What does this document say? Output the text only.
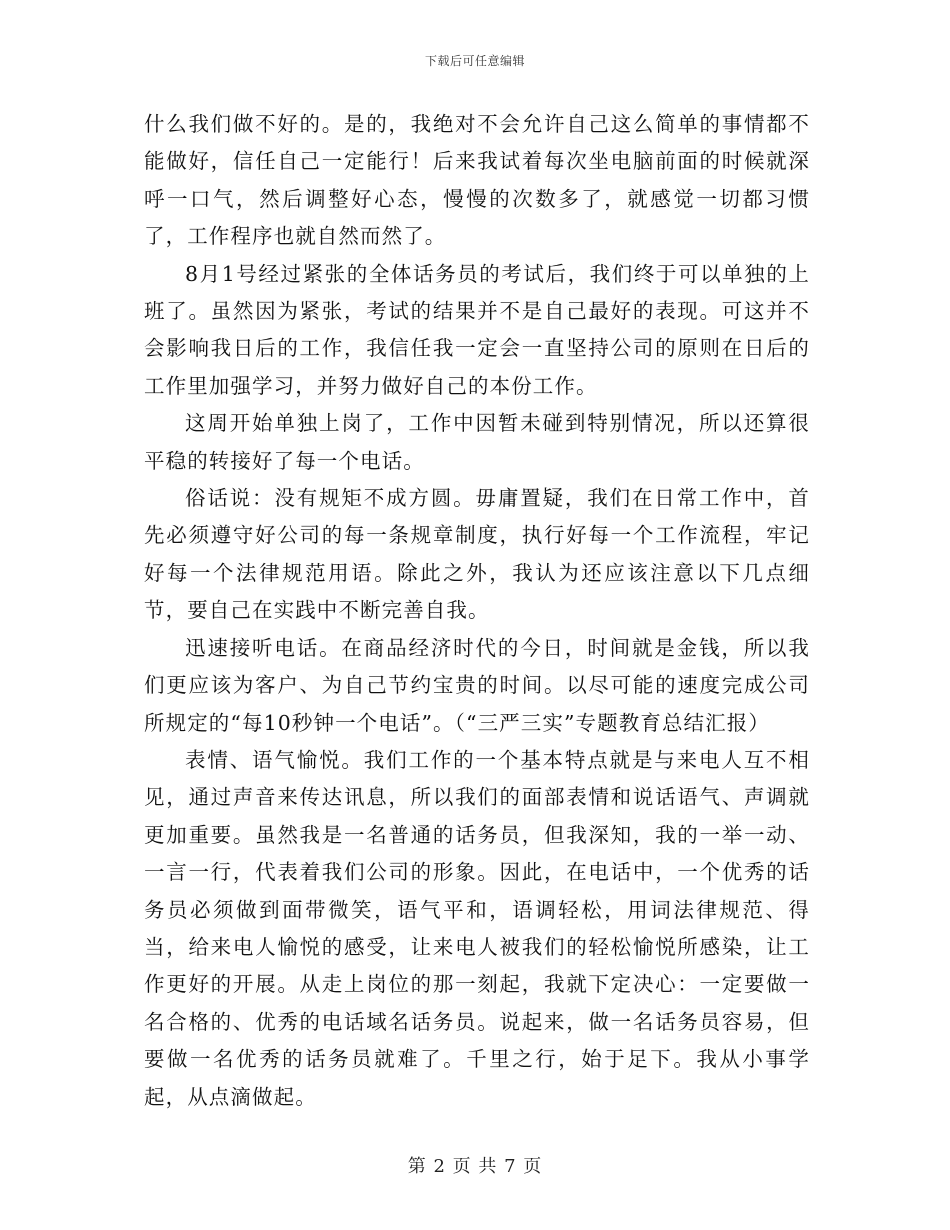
下载后可任意编辑

什么我们做不好的。是的，我绝对不会允许自己这么简单的事情都不能做好，信任自己一定能行！后来我试着每次坐电脑前面的时候就深呼一口气，然后调整好心态，慢慢的次数多了，就感觉一切都习惯了，工作程序也就自然而然了。

8月1号经过紧张的全体话务员的考试后，我们终于可以单独的上班了。虽然因为紧张，考试的结果并不是自己最好的表现。可这并不会影响我日后的工作，我信任我一定会一直坚持公司的原则在日后的工作里加强学习，并努力做好自己的本份工作。

这周开始单独上岗了，工作中因暂未碰到特别情况，所以还算很平稳的转接好了每一个电话。

俗话说：没有规矩不成方圆。毋庸置疑，我们在日常工作中，首先必须遵守好公司的每一条规章制度，执行好每一个工作流程，牢记好每一个法律规范用语。除此之外，我认为还应该注意以下几点细节，要自己在实践中不断完善自我。

迅速接听电话。在商品经济时代的今日，时间就是金钱，所以我们更应该为客户、为自己节约宝贵的时间。以尽可能的速度完成公司所规定的“每10秒钟一个电话”。（“三严三实”专题教育总结汇报）

表情、语气愉悦。我们工作的一个基本特点就是与来电人互不相见，通过声音来传达讯息，所以我们的面部表情和说话语气、声调就更加重要。虽然我是一名普通的话务员，但我深知，我的一举一动、一言一行，代表着我们公司的形象。因此，在电话中，一个优秀的话务员必须做到面带微笑，语气平和，语调轻松，用词法律规范、得当，给来电人愉悦的感受，让来电人被我们的轻松愉悦所感染，让工作更好的开展。从走上岗位的那一刻起，我就下定决心：一定要做一名合格的、优秀的电话域名话务员。说起来，做一名话务员容易，但要做一名优秀的话务员就难了。千里之行，始于足下。我从小事学起，从点滴做起。

第 2 页 共 7 页
